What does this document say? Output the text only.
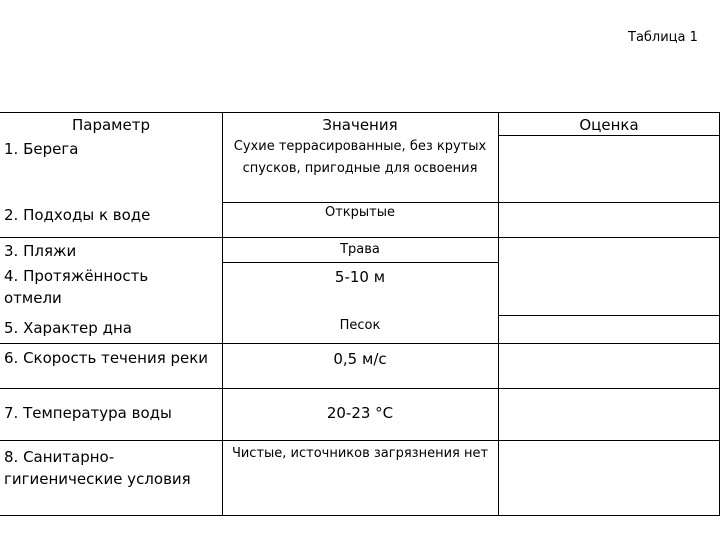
Таблица 1
Параметр	Значения	Оценка
1. Берега
2. Подходы к воде
3. Пляжи
4. Протяжённость отмели
5. Характер дна
6. Скорость течения реки
7. Температура воды
8. Санитарно-гигиенические условия
Сухие террасированные, без крутых спусков, пригодные для освоения
Открытые
Трава
5-10 м
Песок
0,5 м/с
20-23 °С
Чистые, источников загрязнения нет
